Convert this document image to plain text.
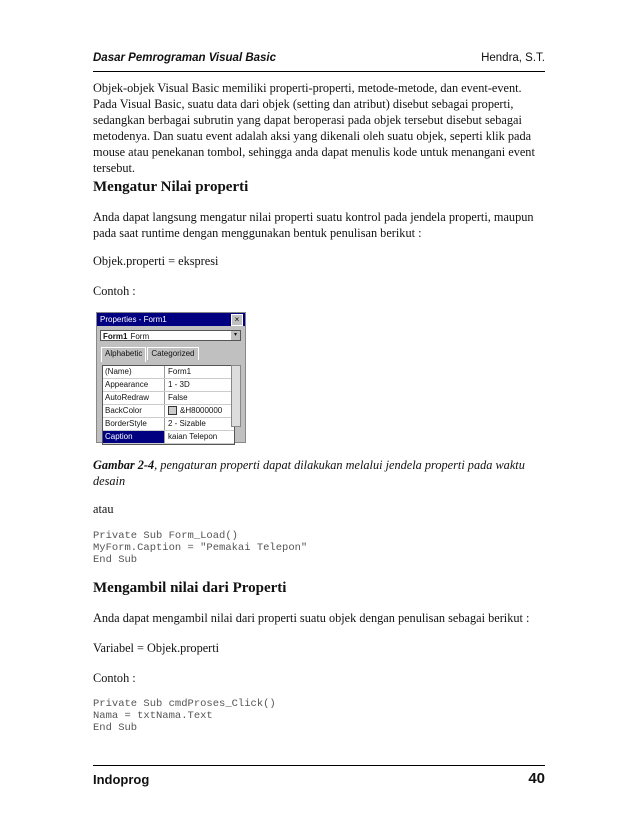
Dasar Pemrograman Visual Basic	Hendra, S.T.
Objek-objek Visual Basic memiliki properti-properti, metode-metode, dan event-event. Pada Visual Basic, suatu data dari objek (setting dan atribut) disebut sebagai properti, sedangkan berbagai subrutin yang dapat beroperasi pada objek tersebut disebut sebagai metodenya. Dan suatu event adalah aksi yang dikenali oleh suatu objek, seperti klik pada mouse atau penekanan tombol, sehingga anda dapat menulis kode untuk menangani event tersebut.
Mengatur Nilai properti
Anda dapat langsung mengatur nilai properti suatu kontrol pada jendela properti, maupun pada saat runtime dengan menggunakan bentuk penulisan berikut :
Objek.properti = ekspresi
Contoh :
Properties - Form1	×
Form1 Form	▾
Alphabetic Categorized
(Name)	Form1
Appearance	1 - 3D
AutoRedraw	False
BackColor	&H8000000
BorderStyle	2 - Sizable
Caption	kaian Telepon
Gambar 2-4, pengaturan properti dapat dilakukan melalui jendela properti pada waktu desain
atau
Private Sub Form_Load()
MyForm.Caption = "Pemakai Telepon"
End Sub
Mengambil nilai dari Properti
Anda dapat mengambil nilai dari properti suatu objek dengan penulisan sebagai berikut :
Variabel = Objek.properti
Contoh :
Private Sub cmdProses_Click()
Nama = txtNama.Text
End Sub
Indoprog	40
